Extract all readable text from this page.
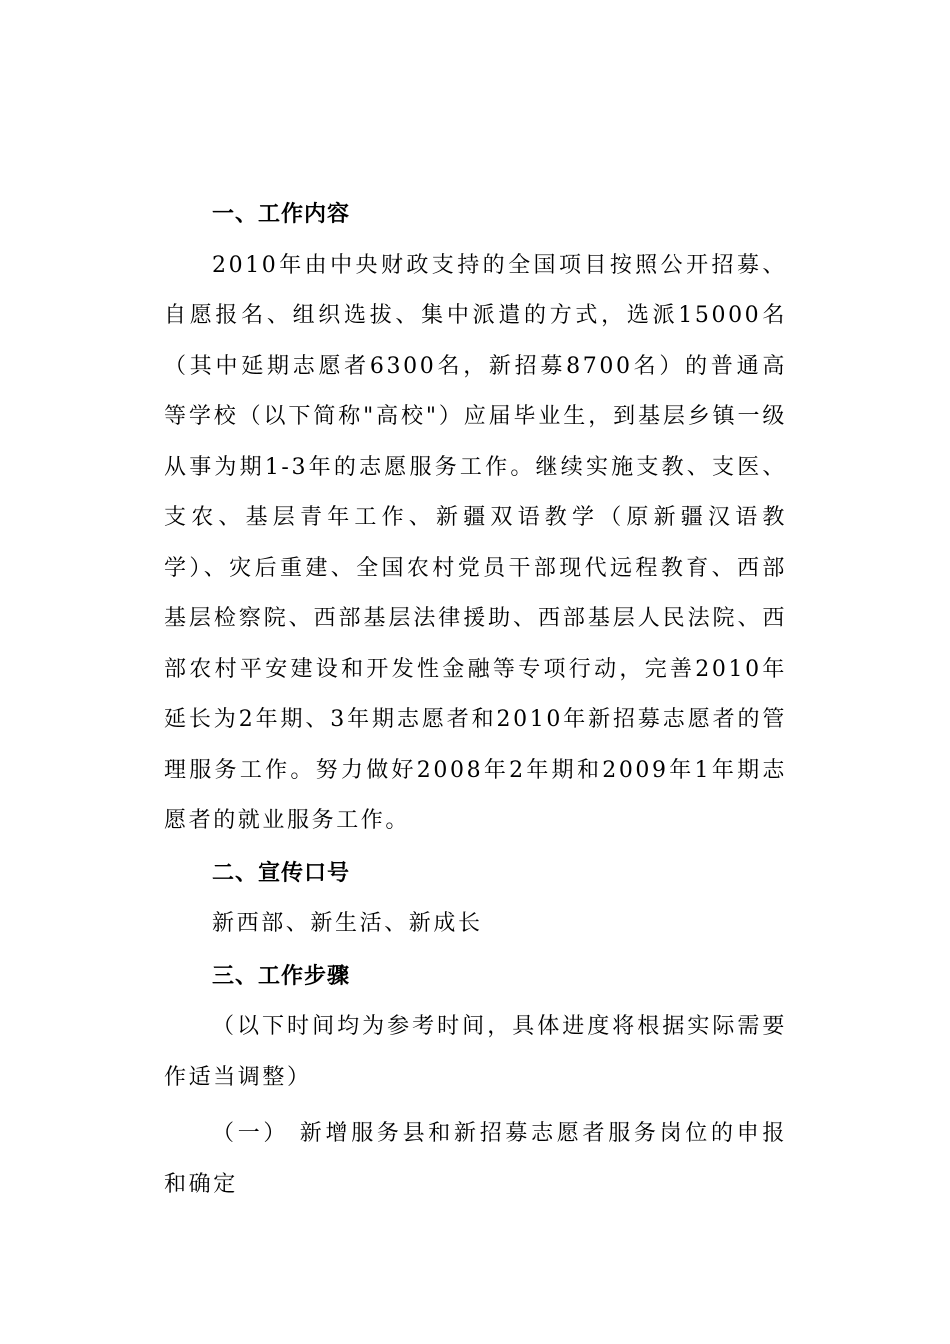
一、工作内容

2010年由中央财政支持的全国项目按照公开招募、自愿报名、组织选拔、集中派遣的方式，选派15000名（其中延期志愿者6300名，新招募8700名）的普通高等学校（以下简称"高校"）应届毕业生，到基层乡镇一级从事为期1-3年的志愿服务工作。继续实施支教、支医、支农、基层青年工作、新疆双语教学（原新疆汉语教学）、灾后重建、全国农村党员干部现代远程教育、西部基层检察院、西部基层法律援助、西部基层人民法院、西部农村平安建设和开发性金融等专项行动，完善2010年延长为2年期、3年期志愿者和2010年新招募志愿者的管理服务工作。努力做好2008年2年期和2009年1年期志愿者的就业服务工作。

二、宣传口号

新西部、新生活、新成长

三、工作步骤

（以下时间均为参考时间，具体进度将根据实际需要作适当调整）

（一） 新增服务县和新招募志愿者服务岗位的申报和确定
